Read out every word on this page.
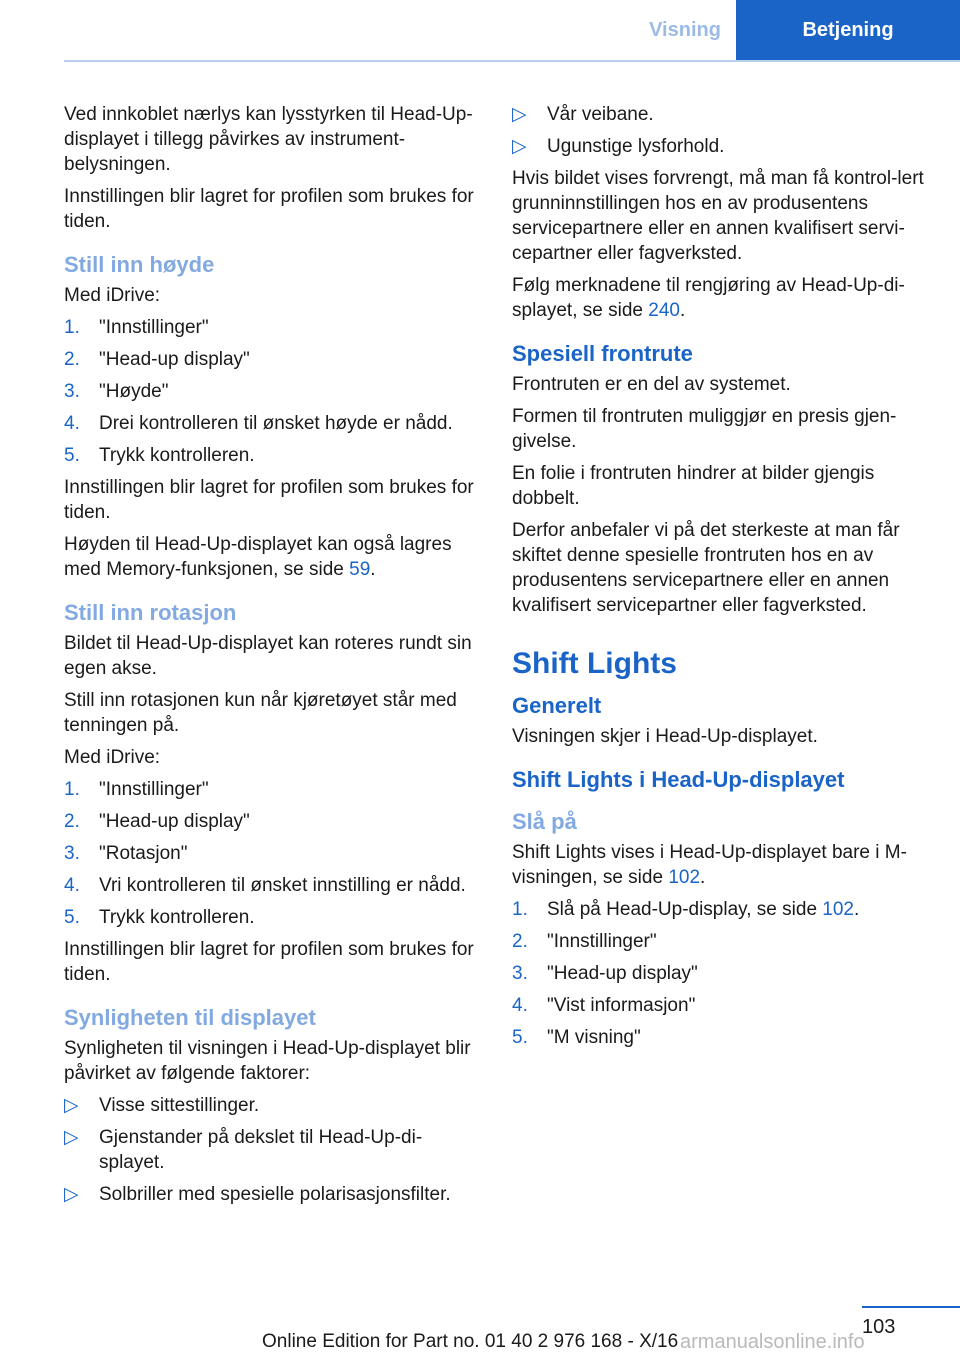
Visning	Betjening

Ved innkoblet nærlys kan lysstyrken til Head-Up-displayet i tillegg påvirkes av instrument-belysningen.

Innstillingen blir lagret for profilen som brukes for tiden.

Still inn høyde

Med iDrive:

1. "Innstillinger"
2. "Head-up display"
3. "Høyde"
4. Drei kontrolleren til ønsket høyde er nådd.
5. Trykk kontrolleren.

Innstillingen blir lagret for profilen som brukes for tiden.

Høyden til Head-Up-displayet kan også lagres med Memory-funksjonen, se side 59.

Still inn rotasjon

Bildet til Head-Up-displayet kan roteres rundt sin egen akse.

Still inn rotasjonen kun når kjøretøyet står med tenningen på.

Med iDrive:

1. "Innstillinger"
2. "Head-up display"
3. "Rotasjon"
4. Vri kontrolleren til ønsket innstilling er nådd.
5. Trykk kontrolleren.

Innstillingen blir lagret for profilen som brukes for tiden.

Synligheten til displayet

Synligheten til visningen i Head-Up-displayet blir påvirket av følgende faktorer:

▷ Visse sittestillinger.
▷ Gjenstander på dekslet til Head-Up-di-splayet.
▷ Solbriller med spesielle polarisasjonsfilter.
▷ Vår veibane.
▷ Ugunstige lysforhold.

Hvis bildet vises forvrengt, må man få kontrol-lert grunninnstillingen hos en av produsentens servicepartnere eller en annen kvalifisert servi-cepartner eller fagverksted.

Følg merknadene til rengjøring av Head-Up-di-splayet, se side 240.

Spesiell frontrute

Frontruten er en del av systemet.

Formen til frontruten muliggjør en presis gjen-givelse.

En folie i frontruten hindrer at bilder gjengis dobbelt.

Derfor anbefaler vi på det sterkeste at man får skiftet denne spesielle frontruten hos en av produsentens servicepartnere eller en annen kvalifisert servicepartner eller fagverksted.

Shift Lights
Generelt

Visningen skjer i Head-Up-displayet.

Shift Lights i Head-Up-displayet
Slå på

Shift Lights vises i Head-Up-displayet bare i M-visningen, se side 102.

1. Slå på Head-Up-display, se side 102.
2. "Innstillinger"
3. "Head-up display"
4. "Vist informasjon"
5. "M visning"
103
Online Edition for Part no. 01 40 2 976 168 - X/16 armanualsonline.info
